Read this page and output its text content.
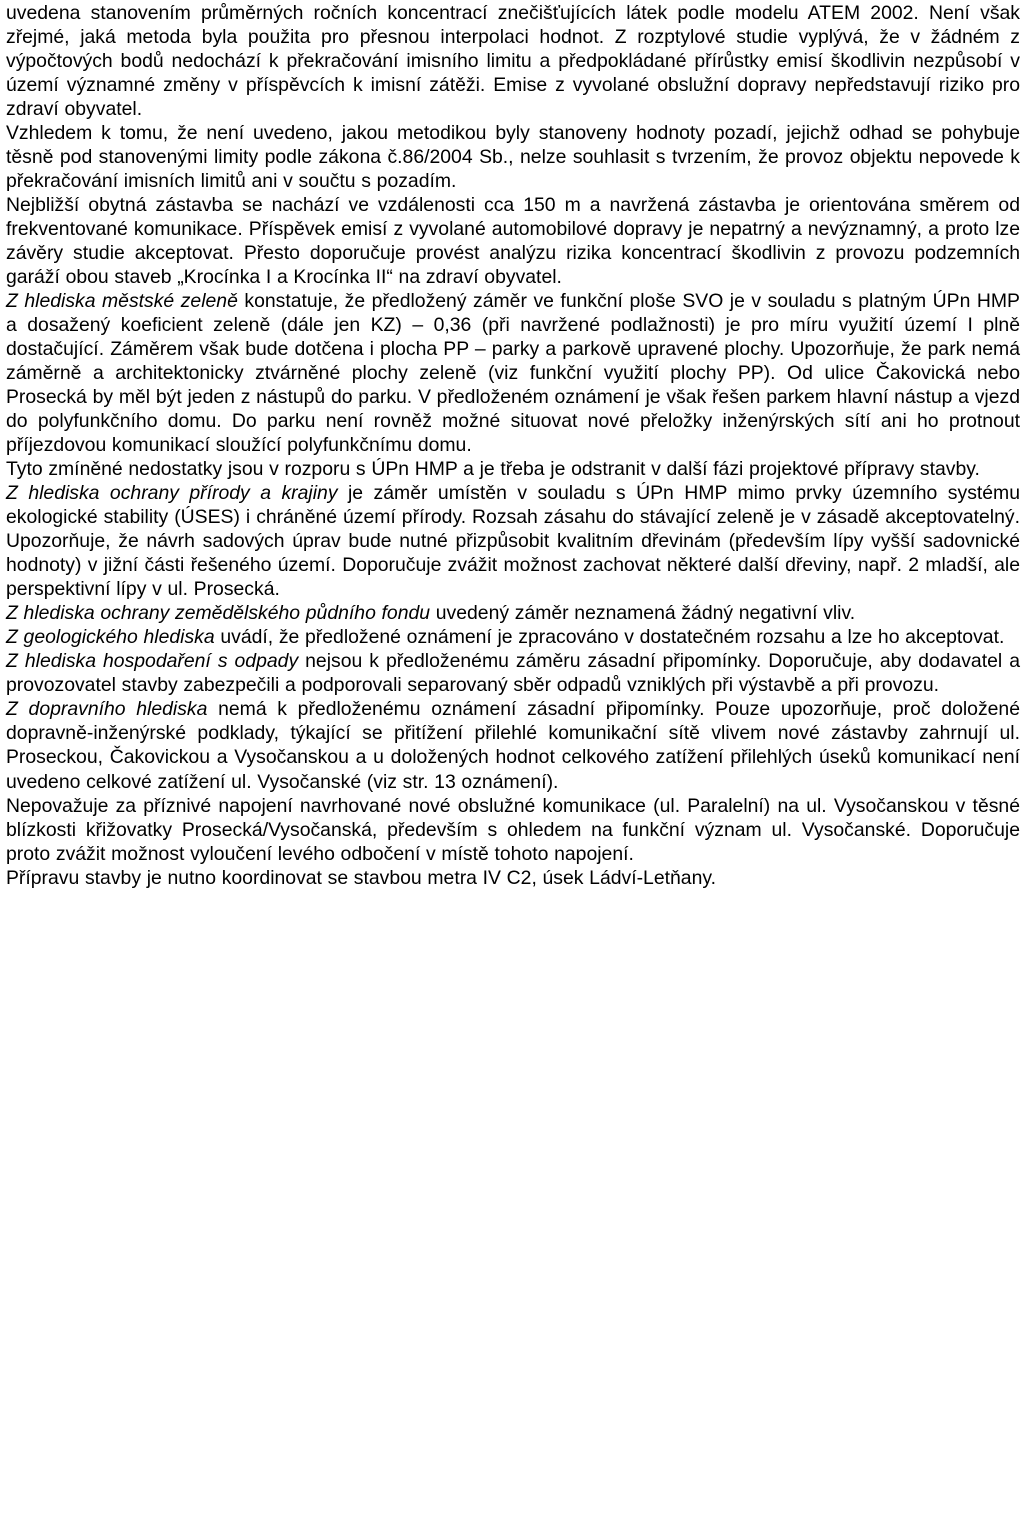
uvedena stanovením průměrných ročních koncentrací znečišťujících látek podle modelu ATEM 2002. Není však zřejmé, jaká metoda byla použita pro přesnou interpolaci hodnot. Z rozptylové studie vyplývá, že v žádném z výpočtových bodů nedochází k překračování imisního limitu a předpokládané přírůstky emisí škodlivin nezpůsobí v území významné změny v příspěvcích k imisní zátěži. Emise z vyvolané obslužní dopravy nepředstavují riziko pro zdraví obyvatel.

Vzhledem k tomu, že není uvedeno, jakou metodikou byly stanoveny hodnoty pozadí, jejichž odhad se pohybuje těsně pod stanovenými limity podle zákona č.86/2004 Sb., nelze souhlasit s tvrzením, že provoz objektu nepovede k překračování imisních limitů ani v součtu s pozadím.

Nejbližší obytná zástavba se nachází ve vzdálenosti cca 150 m a navržená zástavba je orientována směrem od frekventované komunikace. Příspěvek emisí z vyvolané automobilové dopravy je nepatrný a nevýznamný, a proto lze závěry studie akceptovat. Přesto doporučuje provést analýzu rizika koncentrací škodlivin z provozu podzemních garáží obou staveb „Krocínka I a Krocínka II“ na zdraví obyvatel.

Z hlediska městské zeleně konstatuje, že předložený záměr ve funkční ploše SVO je v souladu s platným ÚPn HMP a dosažený koeficient zeleně (dále jen KZ) – 0,36 (při navržené podlažnosti) je pro míru využití území I plně dostačující. Záměrem však bude dotčena i plocha PP – parky a parkově upravené plochy. Upozorňuje, že park nemá záměrně a architektonicky ztvárněné plochy zeleně (viz funkční využití plochy PP). Od ulice Čakovická nebo Prosecká by měl být jeden z nástupů do parku. V předloženém oznámení je však řešen parkem hlavní nástup a vjezd do polyfunkčního domu. Do parku není rovněž možné situovat nové přeložky inženýrských sítí ani ho protnout příjezdovou komunikací sloužící polyfunkčnímu domu.

Tyto zmíněné nedostatky jsou v rozporu s ÚPn HMP a je třeba je odstranit v další fázi projektové přípravy stavby.

Z hlediska ochrany přírody a krajiny je záměr umístěn v souladu s ÚPn HMP mimo prvky územního systému ekologické stability (ÚSES) i chráněné území přírody. Rozsah zásahu do stávající zeleně je v zásadě akceptovatelný. Upozorňuje, že návrh sadových úprav bude nutné přizpůsobit kvalitním dřevinám (především lípy vyšší sadovnické hodnoty) v jižní části řešeného území. Doporučuje zvážit možnost zachovat některé další dřeviny, např. 2 mladší, ale perspektivní lípy v ul. Prosecká.

Z hlediska ochrany zemědělského půdního fondu uvedený záměr neznamená žádný negativní vliv.

Z geologického hlediska uvádí, že předložené oznámení je zpracováno v dostatečném rozsahu a lze ho akceptovat.

Z hlediska hospodaření s odpady nejsou k předloženému záměru zásadní připomínky. Doporučuje, aby dodavatel a provozovatel stavby zabezpečili a podporovali separovaný sběr odpadů vzniklých při výstavbě a při provozu.

Z dopravního hlediska nemá k předloženému oznámení zásadní připomínky. Pouze upozorňuje, proč doložené dopravně-inženýrské podklady, týkající se přitížení přilehlé komunikační sítě vlivem nové zástavby zahrnují ul. Proseckou, Čakovickou a Vysočanskou a u doložených hodnot celkového zatížení přilehlých úseků komunikací není uvedeno celkové zatížení ul. Vysočanské (viz str. 13 oznámení).

Nepovažuje za příznivé napojení navrhované nové obslužné komunikace (ul. Paralelní) na ul. Vysočanskou v těsné blízkosti křižovatky Prosecká/Vysočanská, především s ohledem na funkční význam ul. Vysočanské. Doporučuje proto zvážit možnost vyloučení levého odbočení v místě tohoto napojení.

Přípravu stavby je nutno koordinovat se stavbou metra IV C2, úsek Ládví-Letňany.
